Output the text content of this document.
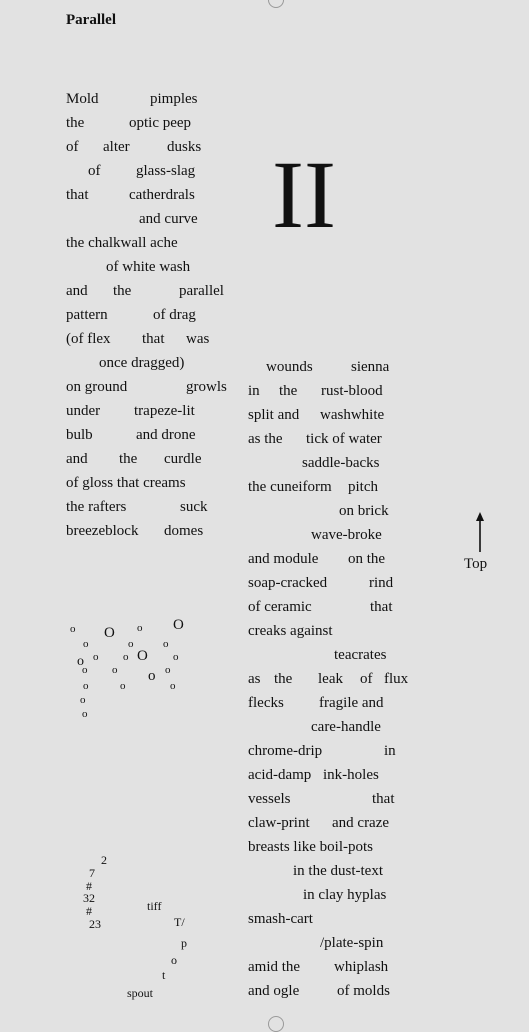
Parallel
Mold	pimples
the	optic peep
of alter dusks
of glass-slag
that	catherdrals
and curve
the chalkwall ache
of white wash
and the	parallel
pattern	of drag
(of flex that was
once dragged)
on ground	growls
under trapeze-lit
bulb	and drone
and the curdle
of gloss that creams
the rafters	suck
breezeblock domes
II
wounds	sienna
in the rust-blood
split and washwhite
as the tick of water
saddle-backs
the cuneiform pitch
on brick
wave-broke
and module on the
soap-cracked	rind
of ceramic	that
creaks against
teacrates
as the leak of flux
flecks fragile and
care-handle
chrome-drip	in
acid-damp ink-holes
vessels	that
claw-print and craze
breasts like boil-pots
in the dust-text
in clay hyplas
smash-cart
/plate-spin
amid the whiplash
and ogle	of molds
Top
o O o O
o	o	o
o o o O o
o o o o
o	o	o
o
o
2
7
#
32
#
23
tiff
T/
p
o
t
spout
